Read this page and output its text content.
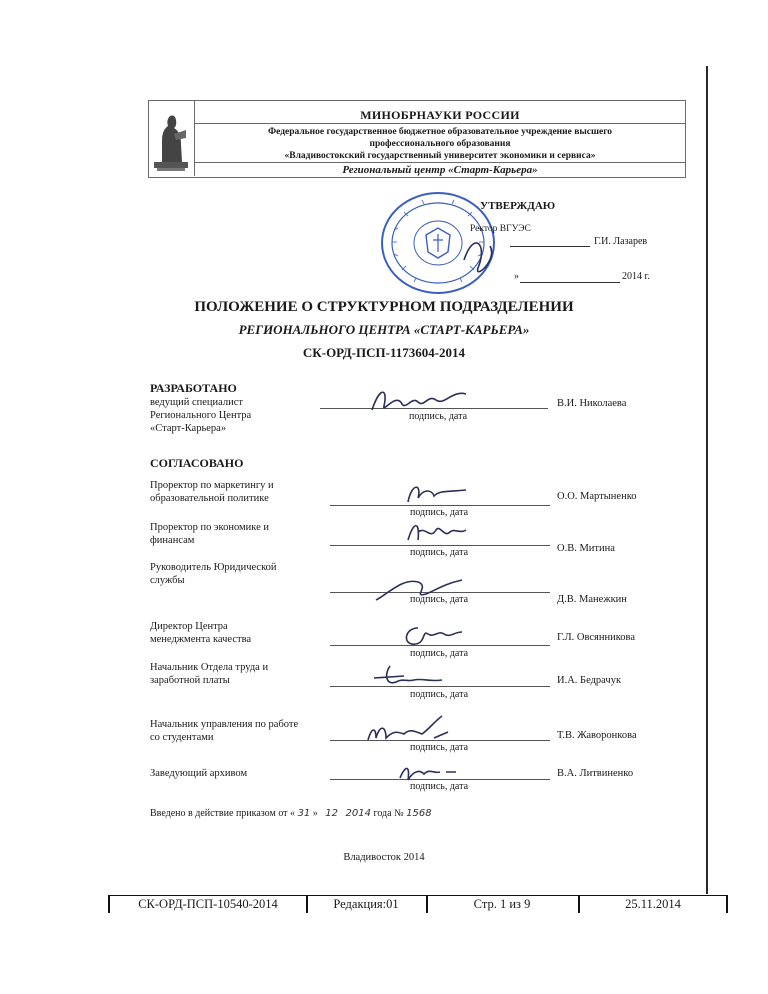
МИНОБРНАУКИ РОССИИ
Федеральное государственное бюджетное образовательное учреждение высшего
профессионального образования
«Владивостокский государственный университет экономики и сервиса»
Региональный центр «Старт-Карьера»
УТВЕРЖДАЮ
Ректор ВГУЭС
Г.И. Лазарев
»	2014 г.
ПОЛОЖЕНИЕ О СТРУКТУРНОМ ПОДРАЗДЕЛЕНИИ
РЕГИОНАЛЬНОГО ЦЕНТРА «СТАРТ-КАРЬЕРА»
СК-ОРД-ПСП-1173604-2014
РАЗРАБОТАНО
ведущий специалист
Регионального Центра
«Старт-Карьера»
подпись, дата
В.И. Николаева
СОГЛАСОВАНО
Проректор по маркетингу и
образовательной политике
подпись, дата
О.О. Мартыненко
Проректор по экономике и
финансам
подпись, дата	О.В. Митина
Руководитель Юридической
службы
подпись, дата	Д.В. Манежкин
Директор Центра
менеджмента качества
подпись, дата
Г.Л. Овсянникова
Начальник Отдела труда и
заработной платы
подпись, дата
И.А. Бедрачук
Начальник управления по работе
со студентами
подпись, дата
Т.В. Жаворонкова
Заведующий архивом
подпись, дата
В.А. Литвиненко
Введено в действие приказом от « 31 » 12 2014 года № 1568
Владивосток 2014
СК-ОРД-ПСП-10540-2014	Редакция:01	Стр. 1 из 9	25.11.2014
